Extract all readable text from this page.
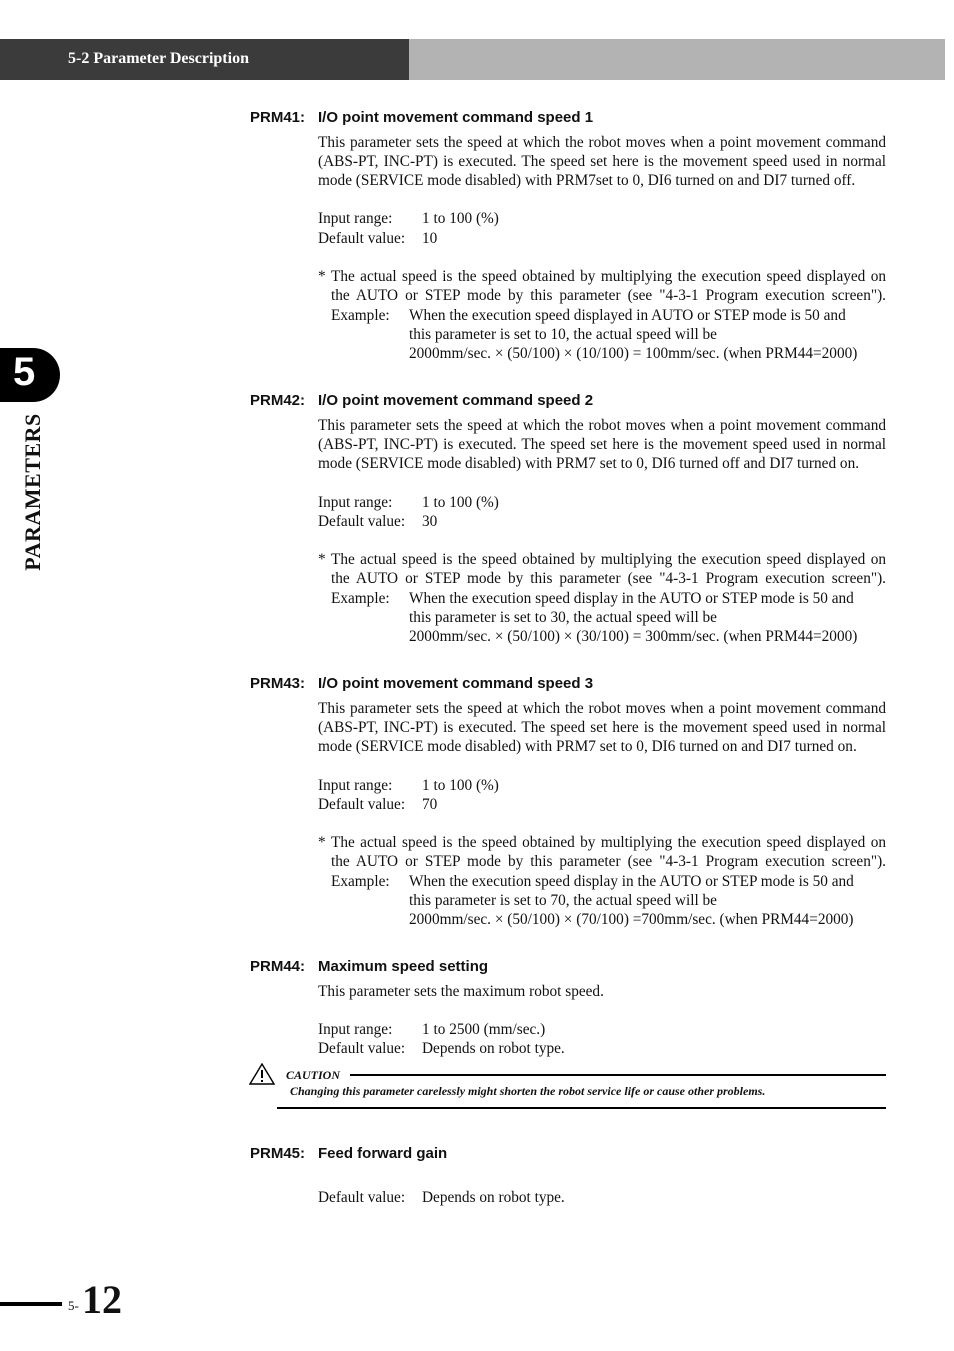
5-2 Parameter Description
5
PARAMETERS
PRM41: I/O point movement command speed 1
This parameter sets the speed at which the robot moves when a point movement command
(ABS-PT, INC-PT) is executed. The speed set here is the movement speed used in normal
mode (SERVICE mode disabled) with PRM7set to 0, DI6 turned on and DI7 turned off.
Input range: 1 to 100 (%)
Default value: 10
* The actual speed is the speed obtained by multiplying the execution speed displayed on
the AUTO or STEP mode by this parameter (see "4-3-1 Program execution screen").
Example: When the execution speed displayed in AUTO or STEP mode is 50 and
this parameter is set to 10, the actual speed will be
2000mm/sec. × (50/100) × (10/100) = 100mm/sec. (when PRM44=2000)
PRM42: I/O point movement command speed 2
This parameter sets the speed at which the robot moves when a point movement command
(ABS-PT, INC-PT) is executed. The speed set here is the movement speed used in normal
mode (SERVICE mode disabled) with PRM7 set to 0, DI6 turned off and DI7 turned on.
Input range: 1 to 100 (%)
Default value: 30
* The actual speed is the speed obtained by multiplying the execution speed displayed on
the AUTO or STEP mode by this parameter (see "4-3-1 Program execution screen").
Example: When the execution speed display in the AUTO or STEP mode is 50 and
this parameter is set to 30, the actual speed will be
2000mm/sec. × (50/100) × (30/100) = 300mm/sec. (when PRM44=2000)
PRM43: I/O point movement command speed 3
This parameter sets the speed at which the robot moves when a point movement command
(ABS-PT, INC-PT) is executed. The speed set here is the movement speed used in normal
mode (SERVICE mode disabled) with PRM7 set to 0, DI6 turned on and DI7 turned on.
Input range: 1 to 100 (%)
Default value: 70
* The actual speed is the speed obtained by multiplying the execution speed displayed on
the AUTO or STEP mode by this parameter (see "4-3-1 Program execution screen").
Example: When the execution speed display in the AUTO or STEP mode is 50 and
this parameter is set to 70, the actual speed will be
2000mm/sec. × (50/100) × (70/100) =700mm/sec. (when PRM44=2000)
PRM44: Maximum speed setting
This parameter sets the maximum robot speed.
Input range: 1 to 2500 (mm/sec.)
Default value: Depends on robot type.
CAUTION
Changing this parameter carelessly might shorten the robot service life or cause other problems.
PRM45: Feed forward gain
Default value: Depends on robot type.
5- 12
